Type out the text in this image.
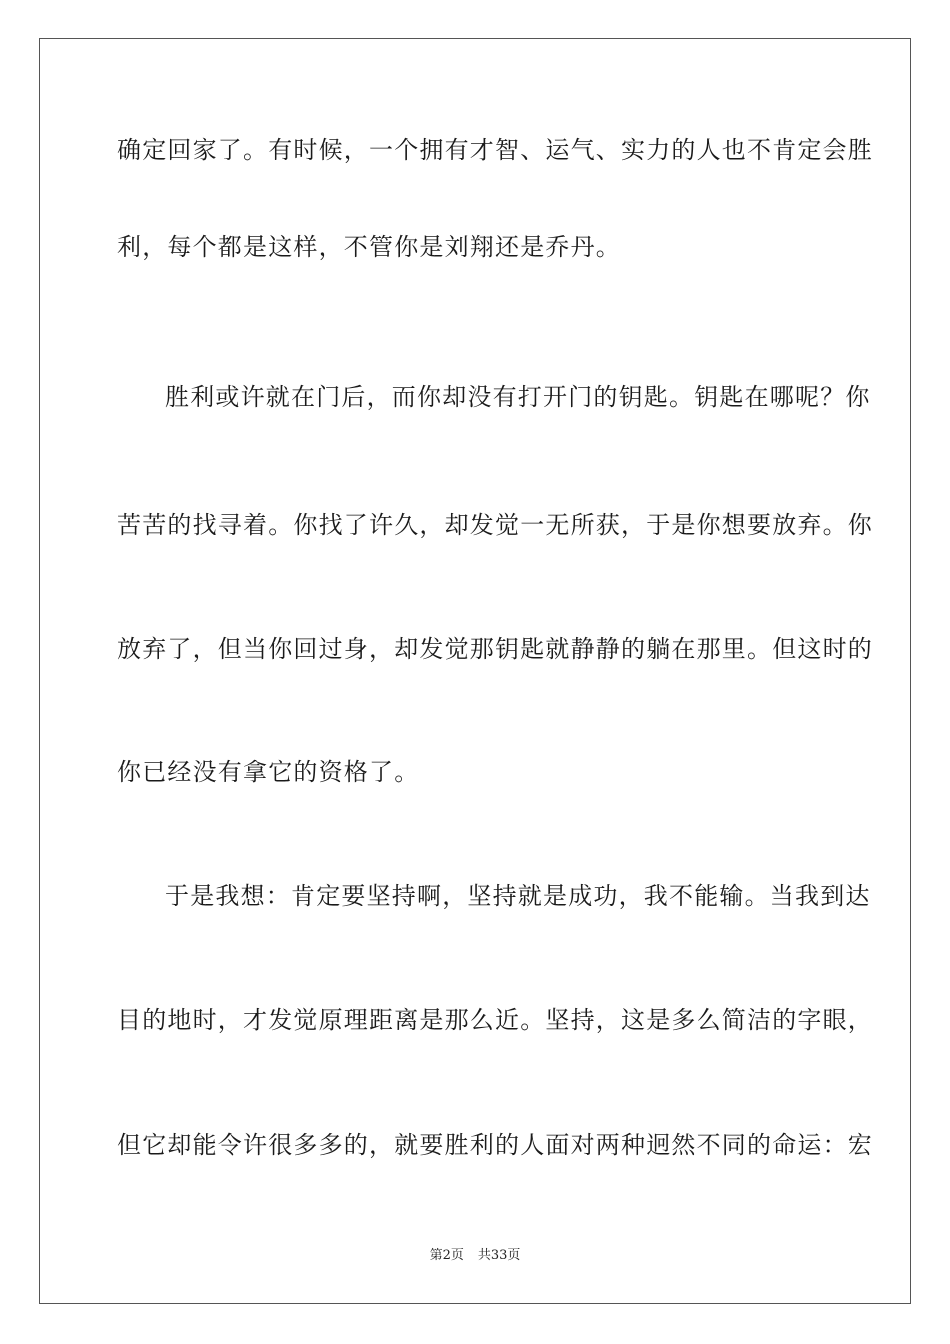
确定回家了。有时候，一个拥有才智、运气、实力的人也不肯定会胜
利，每个都是这样，不管你是刘翔还是乔丹。
胜利或许就在门后，而你却没有打开门的钥匙。钥匙在哪呢？你
苦苦的找寻着。你找了许久，却发觉一无所获，于是你想要放弃。你
放弃了，但当你回过身，却发觉那钥匙就静静的躺在那里。但这时的
你已经没有拿它的资格了。
于是我想：肯定要坚持啊，坚持就是成功，我不能输。当我到达
目的地时，才发觉原理距离是那么近。坚持，这是多么简洁的字眼，
但它却能令许很多多的，就要胜利的人面对两种迥然不同的命运：宏
第2页 共33页
